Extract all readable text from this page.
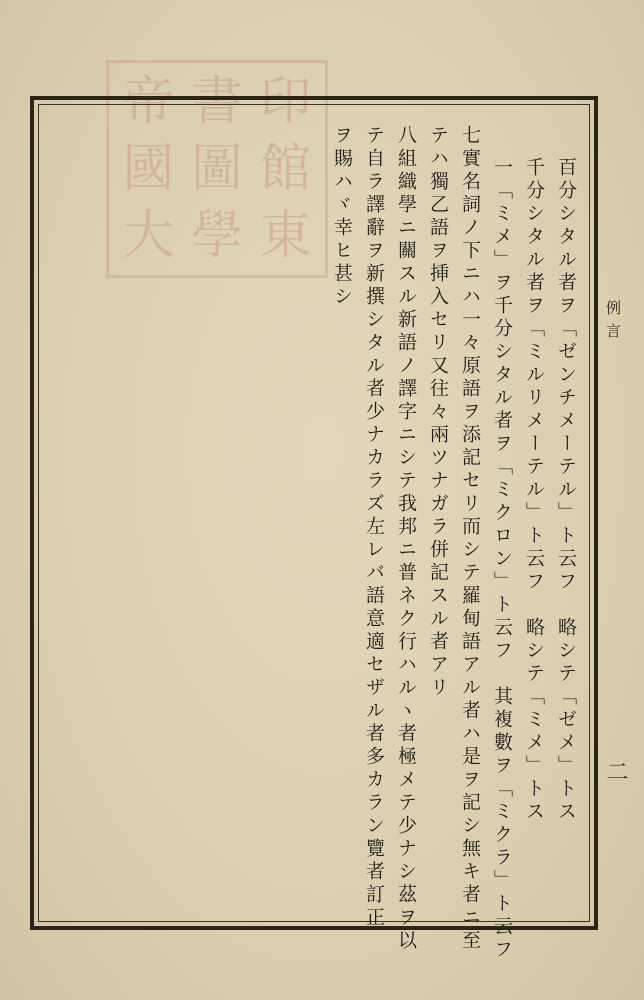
帝 書 印
國 圖 館
大 學 東	百分シタル者ヲ「ゼンチメーテル」ト云フ　略シテ「ゼメ」トス

千分シタル者ヲ「ミルリメーテル」ト云フ　略シテ「ミメ」トス

一「ミメ」ヲ千分シタル者ヲ「ミクロン」ト云フ　其複數ヲ「ミクラ」ト云フ

七實名詞ノ下ニハ一々原語ヲ添記セリ而シテ羅甸語アル者ハ是ヲ記シ無キ者ニ至

テハ獨乙語ヲ挿入セリ又往々兩ツナガラ併記スル者アリ

八組織學ニ關スル新語ノ譯字ニシテ我邦ニ普ネク行ハルヽ者極メテ少ナシ茲ヲ以

テ自ラ譯辭ヲ新撰シタル者少ナカラズ左レバ語意適セザル者多カラン覽者訂正

ヲ賜ハヾ幸ヒ甚シ

例言
二
